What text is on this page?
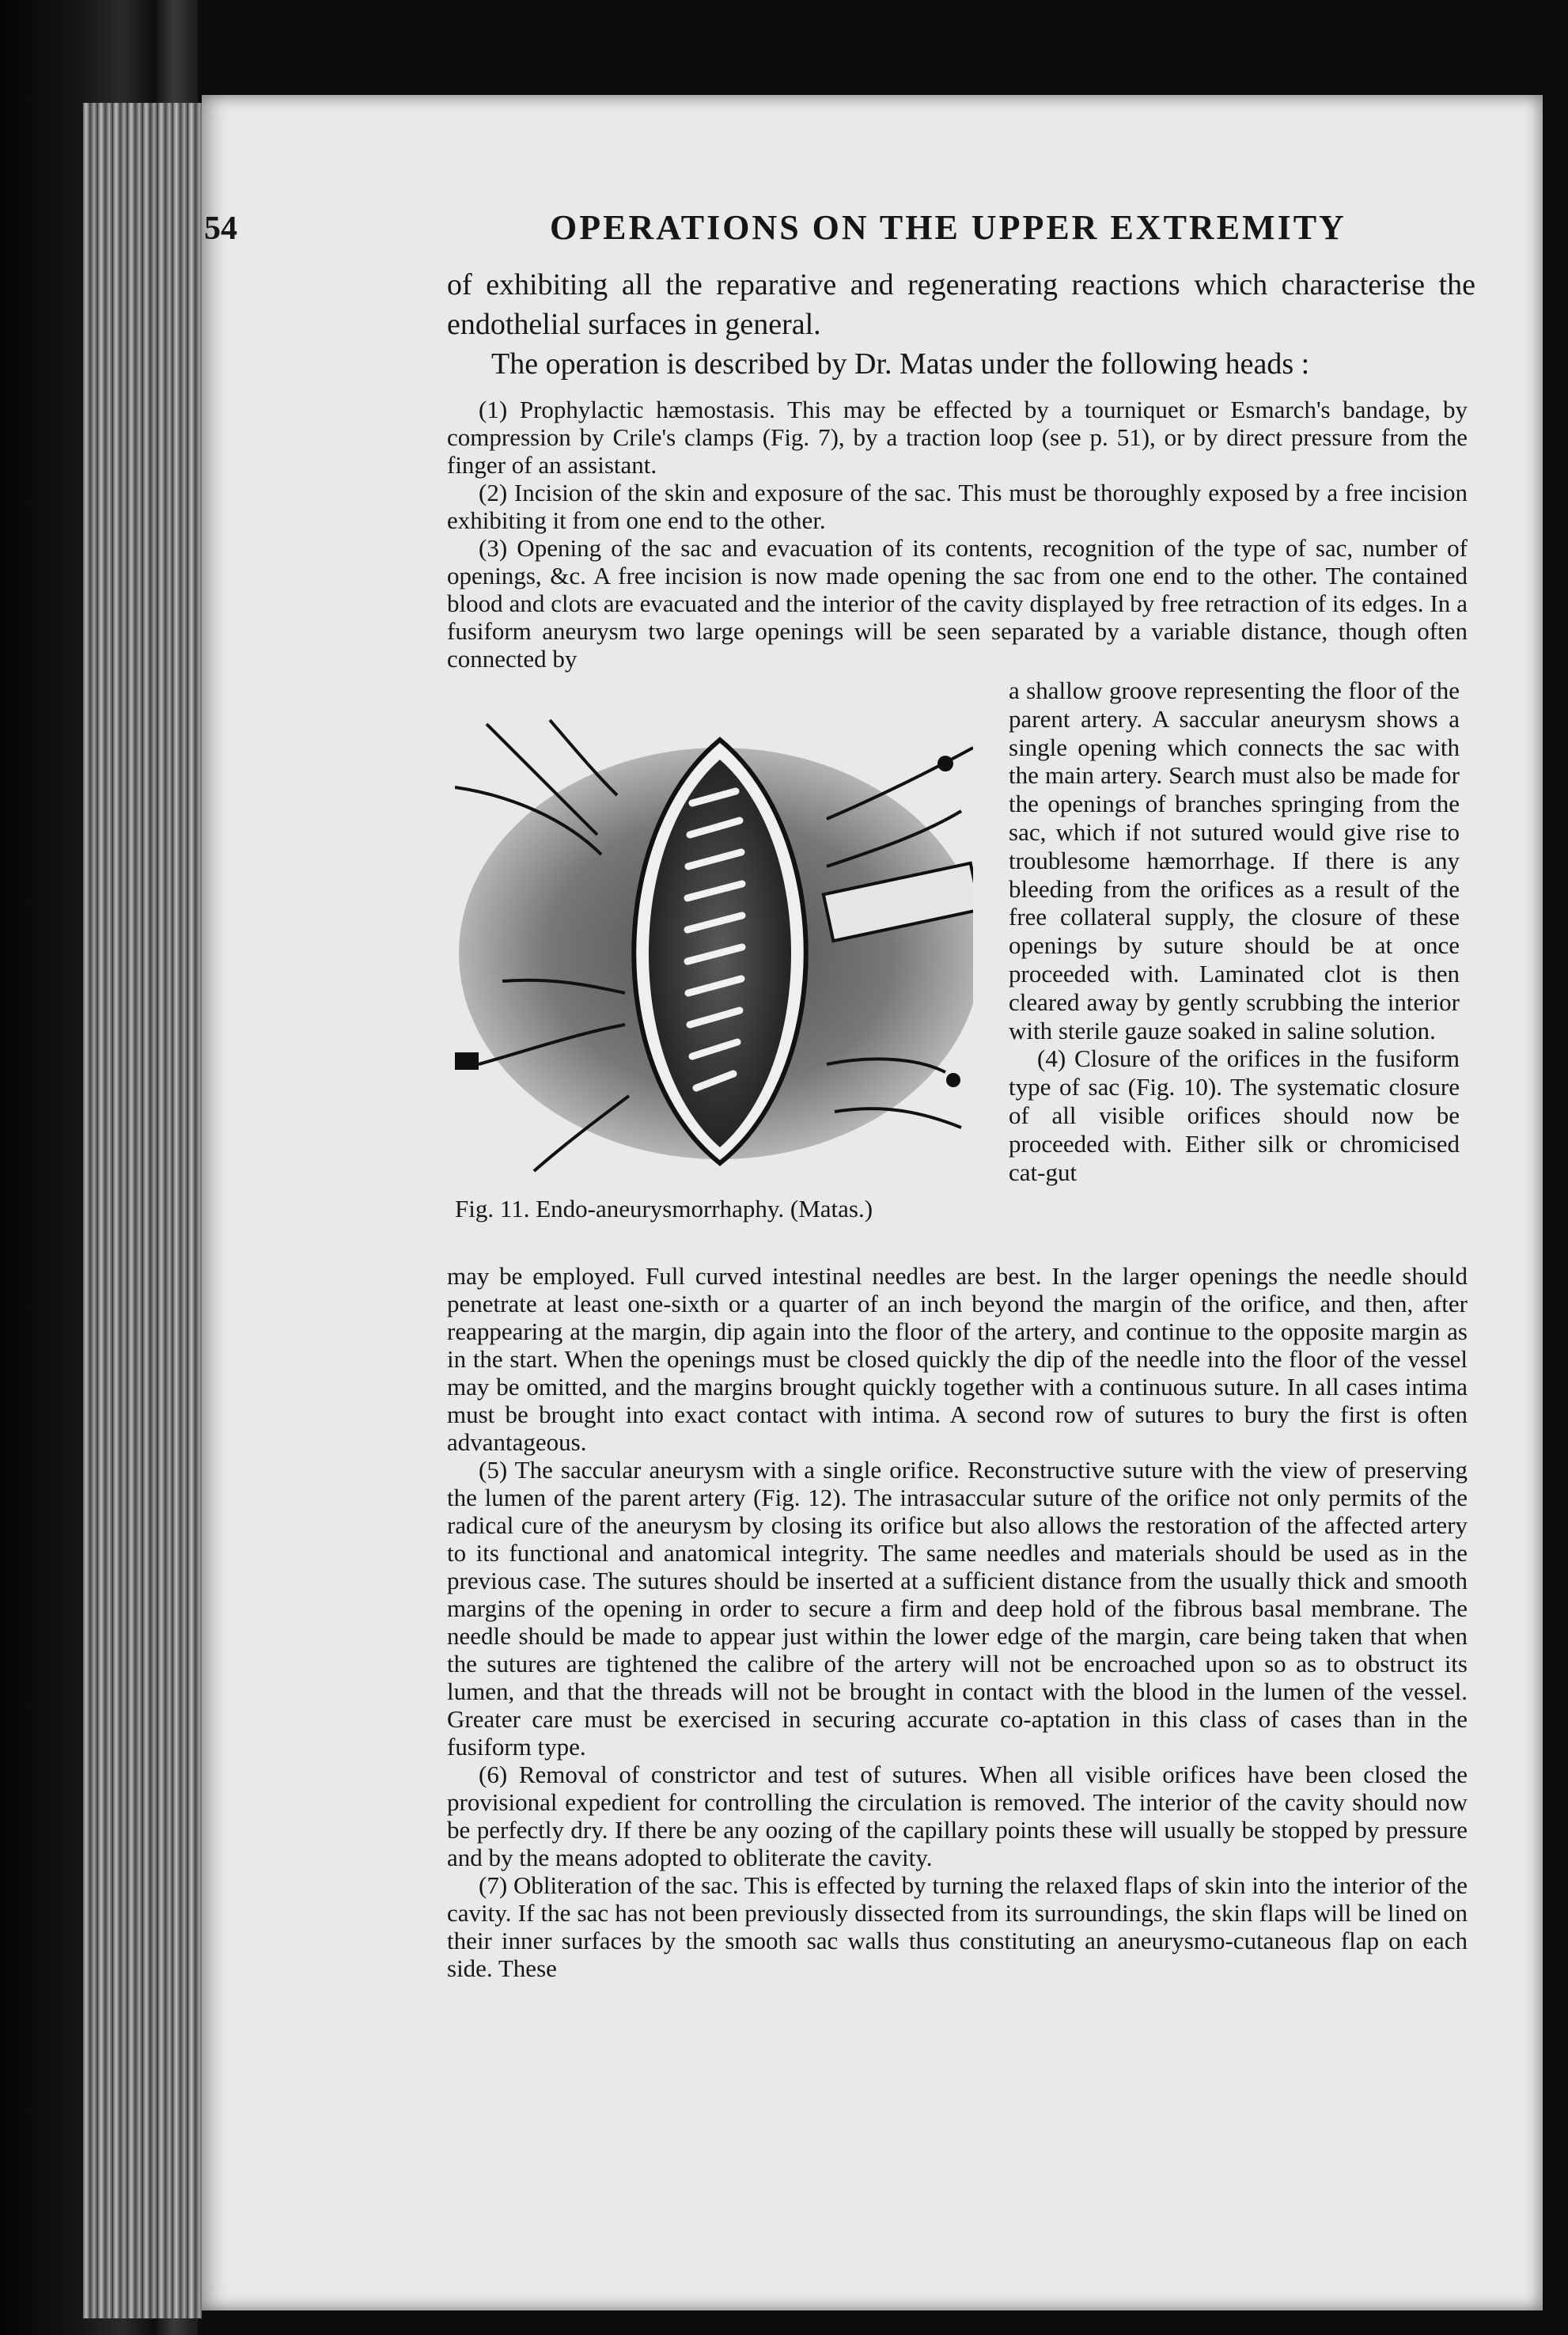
54	OPERATIONS ON THE UPPER EXTREMITY

of exhibiting all the reparative and regenerating reactions which characterise the endothelial surfaces in general.

The operation is described by Dr. Matas under the following heads :

(1) Prophylactic hæmostasis. This may be effected by a tourniquet or Esmarch's bandage, by compression by Crile's clamps (Fig. 7), by a traction loop (see p. 51), or by direct pressure from the finger of an assistant.

(2) Incision of the skin and exposure of the sac. This must be thoroughly exposed by a free incision exhibiting it from one end to the other.

(3) Opening of the sac and evacuation of its contents, recognition of the type of sac, number of openings, &c. A free incision is now made opening the sac from one end to the other. The contained blood and clots are evacuated and the interior of the cavity displayed by free retraction of its edges. In a fusiform aneurysm two large openings will be seen separated by a variable distance, though often connected by

Fig. 11. Endo-aneurysmorrhaphy. (Matas.)

a shallow groove representing the floor of the parent artery. A saccular aneurysm shows a single opening which connects the sac with the main artery. Search must also be made for the openings of branches springing from the sac, which if not sutured would give rise to troublesome hæmorrhage. If there is any bleeding from the orifices as a result of the free collateral supply, the closure of these openings by suture should be at once proceeded with. Laminated clot is then cleared away by gently scrubbing the interior with sterile gauze soaked in saline solution.

(4) Closure of the orifices in the fusiform type of sac (Fig. 10). The systematic closure of all visible orifices should now be proceeded with. Either silk or chromicised cat-gut

may be employed. Full curved intestinal needles are best. In the larger openings the needle should penetrate at least one-sixth or a quarter of an inch beyond the margin of the orifice, and then, after reappearing at the margin, dip again into the floor of the artery, and continue to the opposite margin as in the start. When the openings must be closed quickly the dip of the needle into the floor of the vessel may be omitted, and the margins brought quickly together with a continuous suture. In all cases intima must be brought into exact contact with intima. A second row of sutures to bury the first is often advantageous.

(5) The saccular aneurysm with a single orifice. Reconstructive suture with the view of preserving the lumen of the parent artery (Fig. 12). The intrasaccular suture of the orifice not only permits of the radical cure of the aneurysm by closing its orifice but also allows the restoration of the affected artery to its functional and anatomical integrity. The same needles and materials should be used as in the previous case. The sutures should be inserted at a sufficient distance from the usually thick and smooth margins of the opening in order to secure a firm and deep hold of the fibrous basal membrane. The needle should be made to appear just within the lower edge of the margin, care being taken that when the sutures are tightened the calibre of the artery will not be encroached upon so as to obstruct its lumen, and that the threads will not be brought in contact with the blood in the lumen of the vessel. Greater care must be exercised in securing accurate co-aptation in this class of cases than in the fusiform type.

(6) Removal of constrictor and test of sutures. When all visible orifices have been closed the provisional expedient for controlling the circulation is removed. The interior of the cavity should now be perfectly dry. If there be any oozing of the capillary points these will usually be stopped by pressure and by the means adopted to obliterate the cavity.

(7) Obliteration of the sac. This is effected by turning the relaxed flaps of skin into the interior of the cavity. If the sac has not been previously dissected from its surroundings, the skin flaps will be lined on their inner surfaces by the smooth sac walls thus constituting an aneurysmo-cutaneous flap on each side. These
